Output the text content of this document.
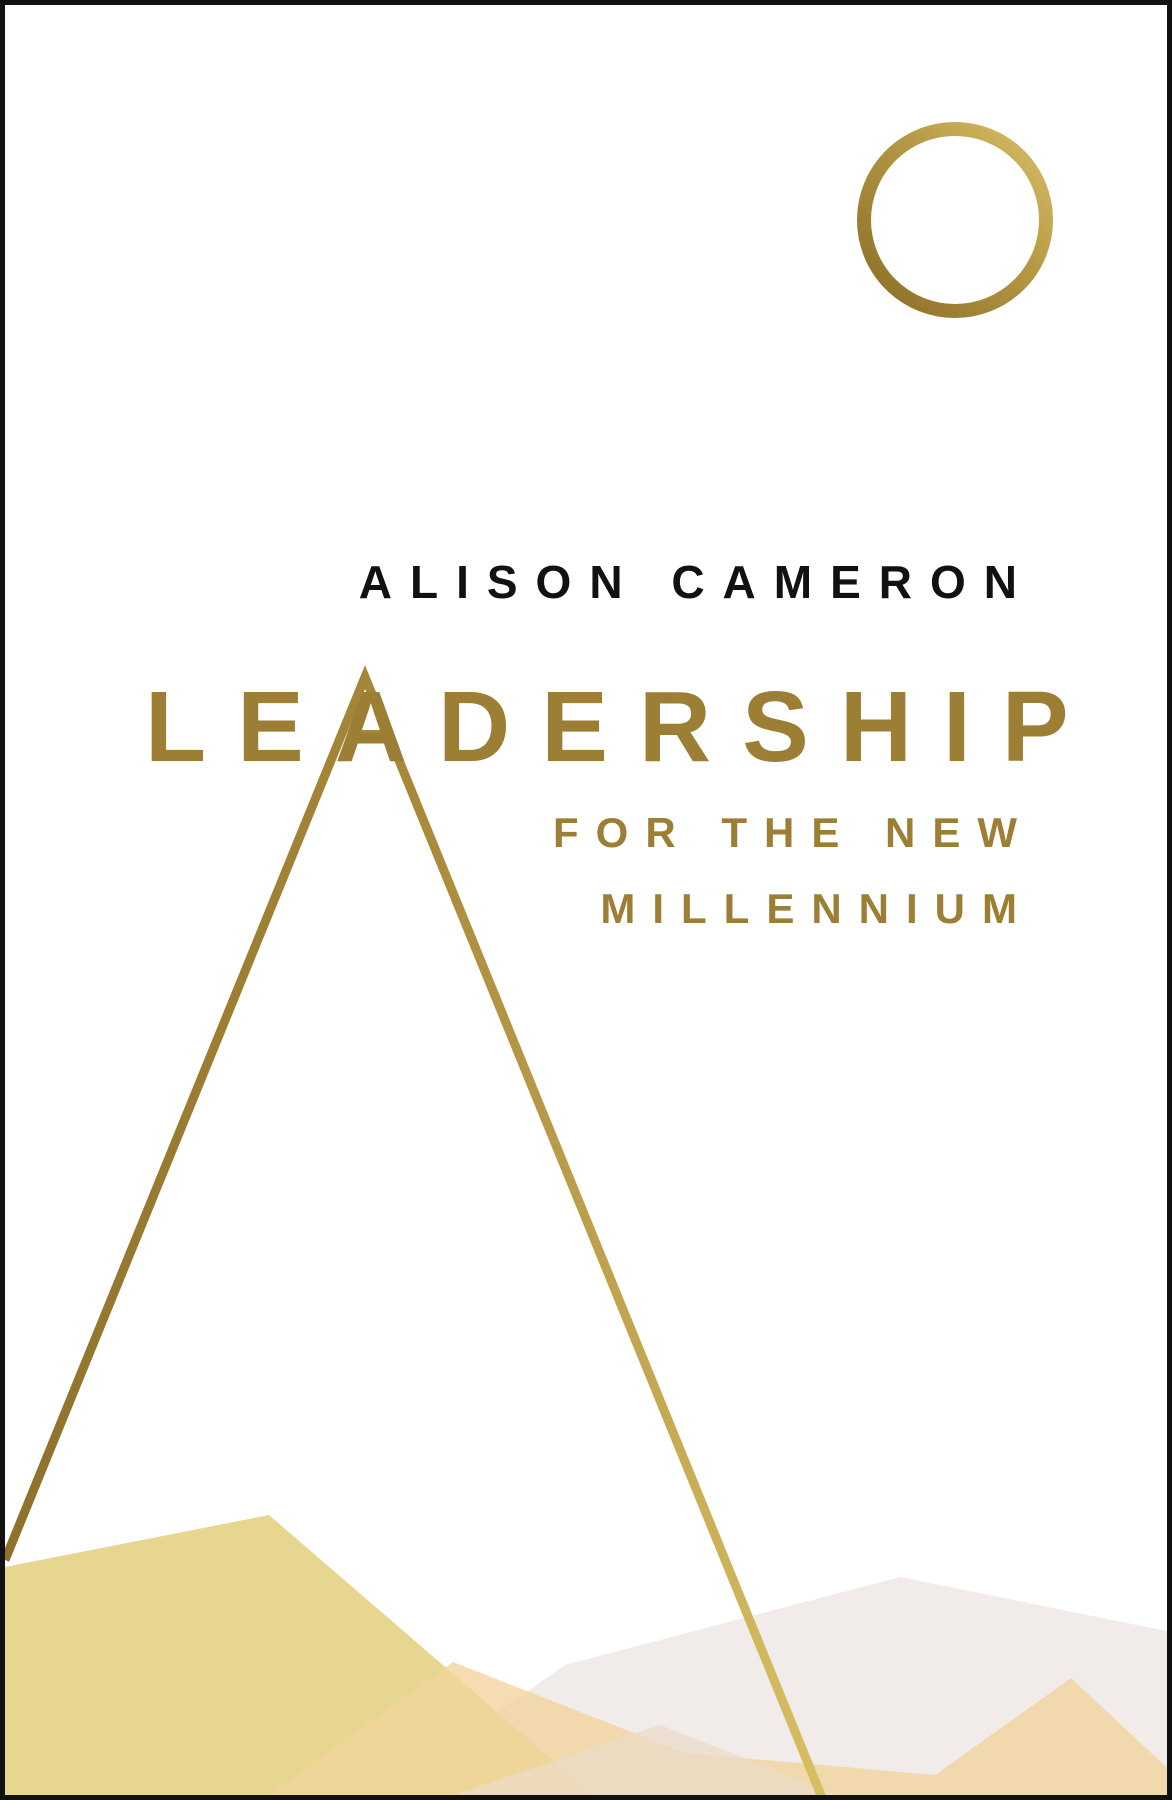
ALISON CAMERON
LEADERSHIP
FOR THE NEW
MILLENNIUM
